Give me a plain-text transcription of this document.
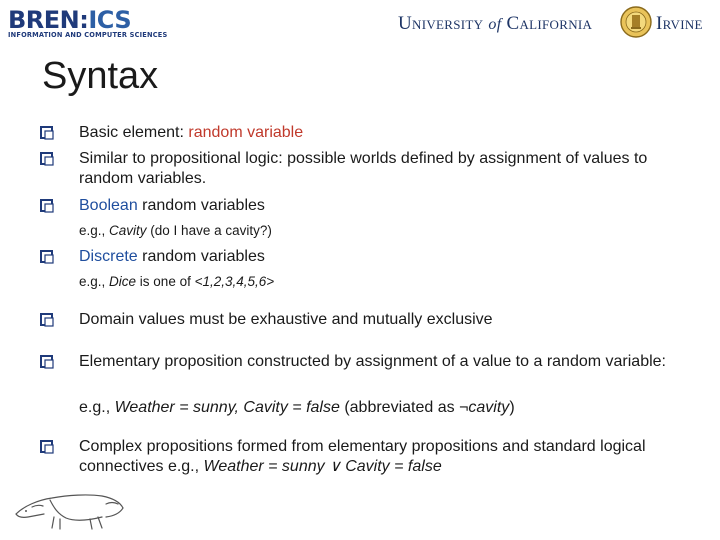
BREN:ICS
INFORMATION AND COMPUTER SCIENCES
University of California	Irvine
Syntax
Basic element: random variable
Similar to propositional logic: possible worlds defined by assignment of values to random variables.
Boolean random variables
e.g., Cavity (do I have a cavity?)
Discrete random variables
e.g., Dice is one of <1,2,3,4,5,6>
Domain values must be exhaustive and mutually exclusive
Elementary proposition constructed by assignment of a value to a random variable:
e.g., Weather = sunny, Cavity = false (abbreviated as ¬cavity)
Complex propositions formed from elementary propositions and standard logical connectives e.g., Weather = sunny ∨ Cavity = false
